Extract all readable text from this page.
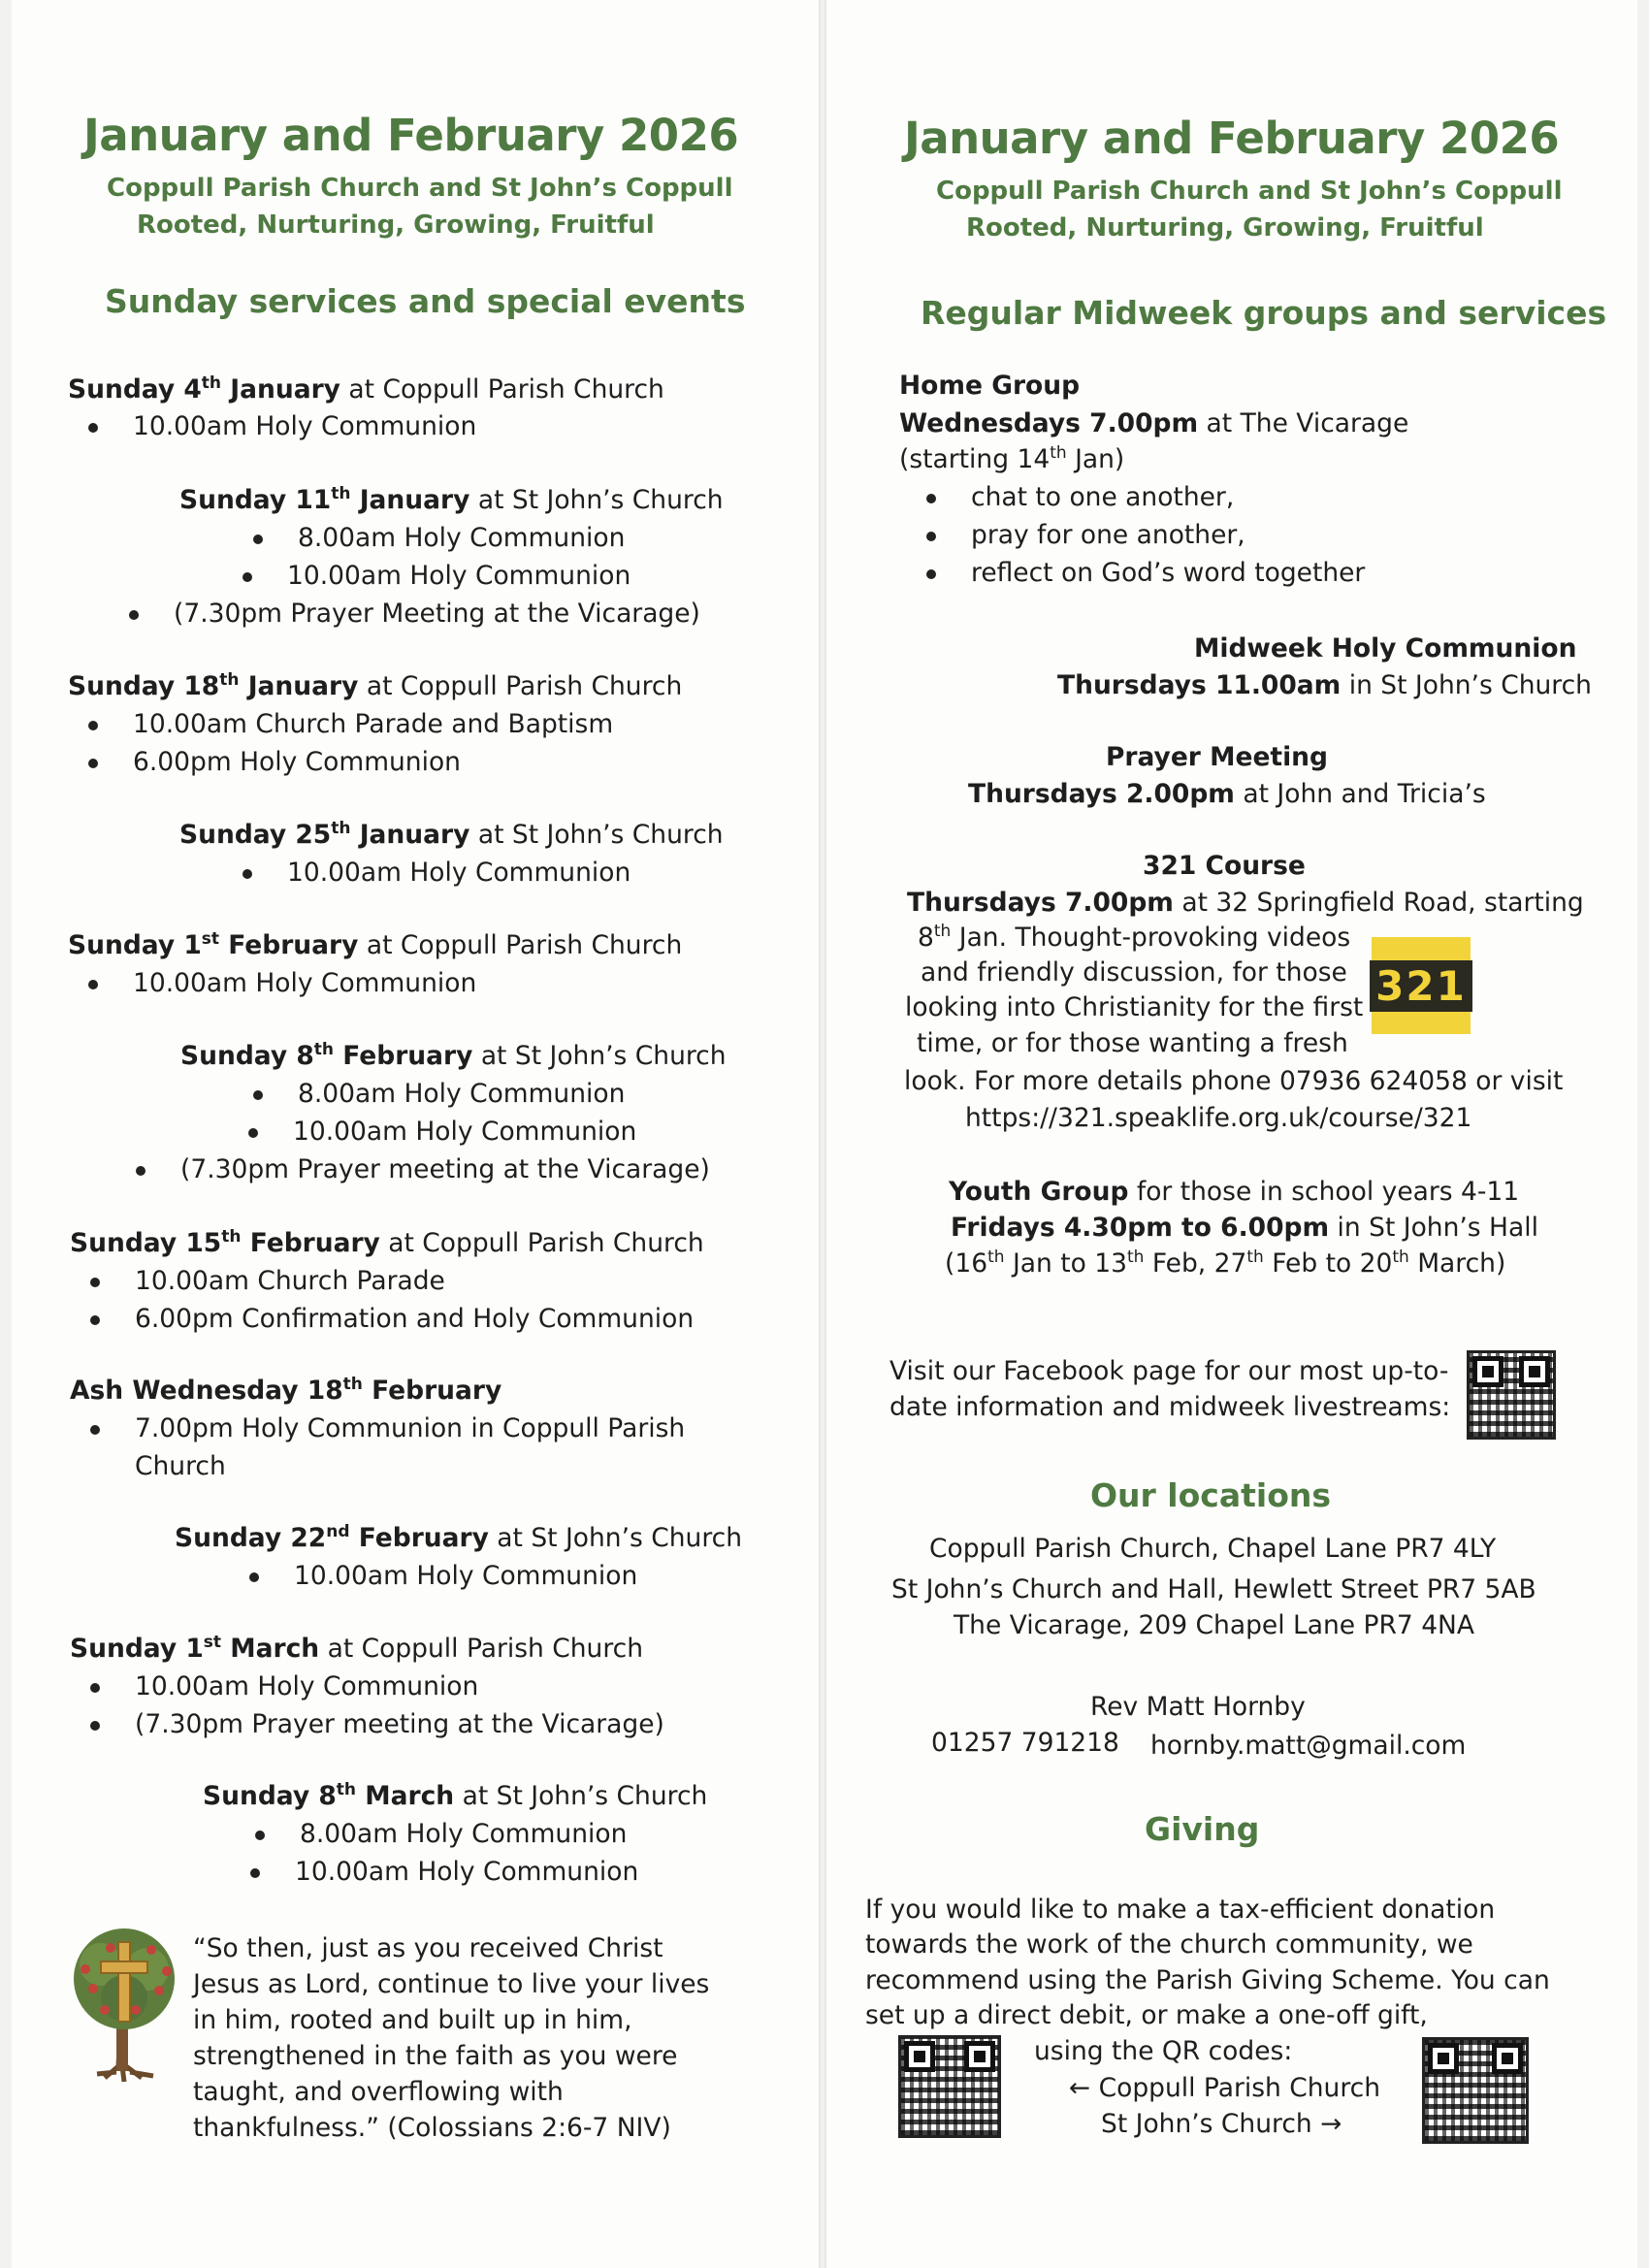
January and February 2026
Coppull Parish Church and St John’s Coppull
Rooted, Nurturing, Growing, Fruitful
Sunday services and special events
Sunday 4th January at Coppull Parish Church
10.00am Holy Communion
Sunday 11th January at St John’s Church
8.00am Holy Communion
10.00am Holy Communion
(7.30pm Prayer Meeting at the Vicarage)
Sunday 18th January at Coppull Parish Church
10.00am Church Parade and Baptism
6.00pm Holy Communion
Sunday 25th January at St John’s Church
10.00am Holy Communion
Sunday 1st February at Coppull Parish Church
10.00am Holy Communion
Sunday 8th February at St John’s Church
8.00am Holy Communion
10.00am Holy Communion
(7.30pm Prayer meeting at the Vicarage)
Sunday 15th February at Coppull Parish Church
10.00am Church Parade
6.00pm Confirmation and Holy Communion
Ash Wednesday 18th February
7.00pm Holy Communion in Coppull Parish
Church
Sunday 22nd February at St John’s Church
10.00am Holy Communion
Sunday 1st March at Coppull Parish Church
10.00am Holy Communion
(7.30pm Prayer meeting at the Vicarage)
Sunday 8th March at St John’s Church
8.00am Holy Communion
10.00am Holy Communion
“So then, just as you received Christ Jesus as Lord, continue to live your lives in him, rooted and built up in him, strengthened in the faith as you were taught, and overflowing with thankfulness.” (Colossians 2:6-7 NIV)
January and February 2026
Coppull Parish Church and St John’s Coppull
Rooted, Nurturing, Growing, Fruitful
Regular Midweek groups and services
Home Group
Wednesdays 7.00pm at The Vicarage
(starting 14th Jan)
chat to one another,
pray for one another,
reflect on God’s word together
Midweek Holy Communion
Thursdays 11.00am in St John’s Church
Prayer Meeting
Thursdays 2.00pm at John and Tricia’s
321 Course
Thursdays 7.00pm at 32 Springfield Road, starting
8th Jan. Thought-provoking videos
and friendly discussion, for those
looking into Christianity for the first
time, or for those wanting a fresh
look. For more details phone 07936 624058 or visit
https://321.speaklife.org.uk/course/321
321
Youth Group for those in school years 4-11
Fridays 4.30pm to 6.00pm in St John’s Hall
(16th Jan to 13th Feb, 27th Feb to 20th March)
Visit our Facebook page for our most up-to-
date information and midweek livestreams:
Our locations
Coppull Parish Church, Chapel Lane PR7 4LY
St John’s Church and Hall, Hewlett Street PR7 5AB
The Vicarage, 209 Chapel Lane PR7 4NA
Rev Matt Hornby
01257 791218 hornby.matt@gmail.com
Giving
If you would like to make a tax-efficient donation
towards the work of the church community, we
recommend using the Parish Giving Scheme. You can
set up a direct debit, or make a one-off gift,
using the QR codes:
← Coppull Parish Church
St John’s Church →
